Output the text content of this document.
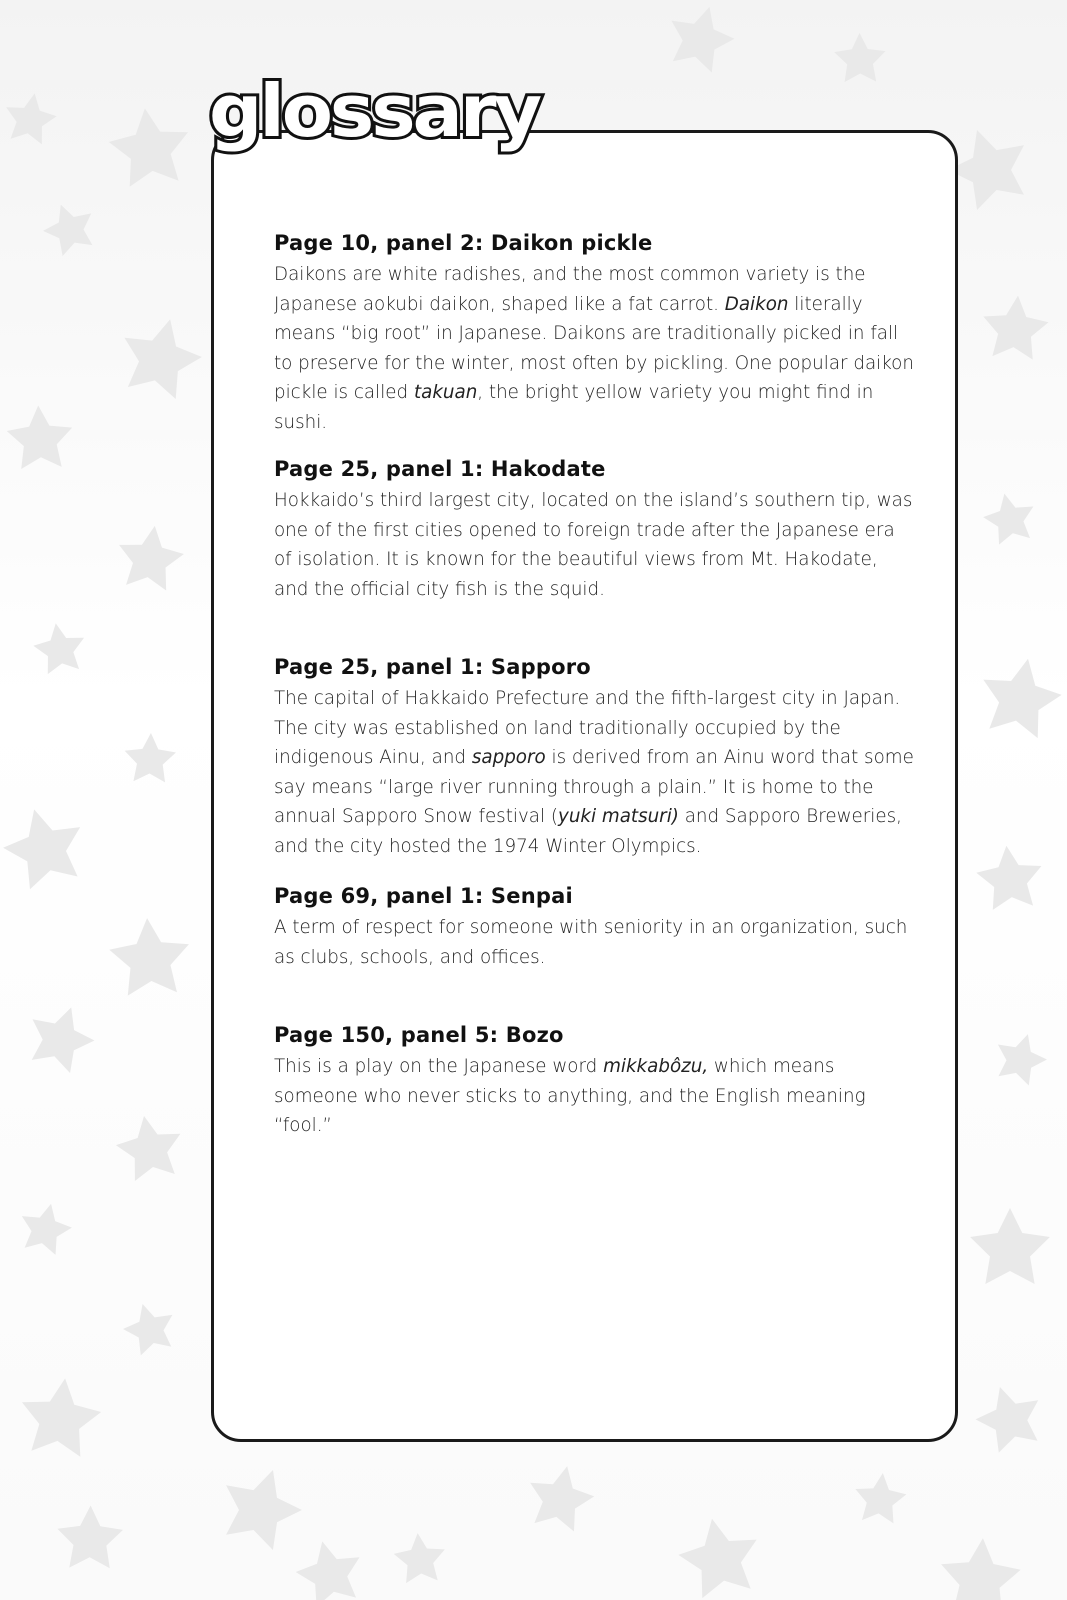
glossary
Page 10, panel 2: Daikon pickle

Daikons are white radishes, and the most common variety is the Japanese aokubi daikon, shaped like a fat carrot. Daikon literally means “big root” in Japanese. Daikons are traditionally picked in fall to preserve for the winter, most often by pickling. One popular daikon pickle is called takuan, the bright yellow variety you might find in sushi.

Page 25, panel 1: Hakodate

Hokkaido’s third largest city, located on the island’s southern tip, was one of the first cities opened to foreign trade after the Japanese era of isolation. It is known for the beautiful views from Mt. Hakodate, and the official city fish is the squid.

Page 25, panel 1: Sapporo

The capital of Hakkaido Prefecture and the fifth-largest city in Japan. The city was established on land traditionally occupied by the indigenous Ainu, and sapporo is derived from an Ainu word that some say means “large river running through a plain.” It is home to the annual Sapporo Snow festival (yuki matsuri) and Sapporo Breweries, and the city hosted the 1974 Winter Olympics.

Page 69, panel 1: Senpai

A term of respect for someone with seniority in an organization, such as clubs, schools, and offices.

Page 150, panel 5: Bozo

This is a play on the Japanese word mikkabôzu, which means someone who never sticks to anything, and the English meaning “fool.”
